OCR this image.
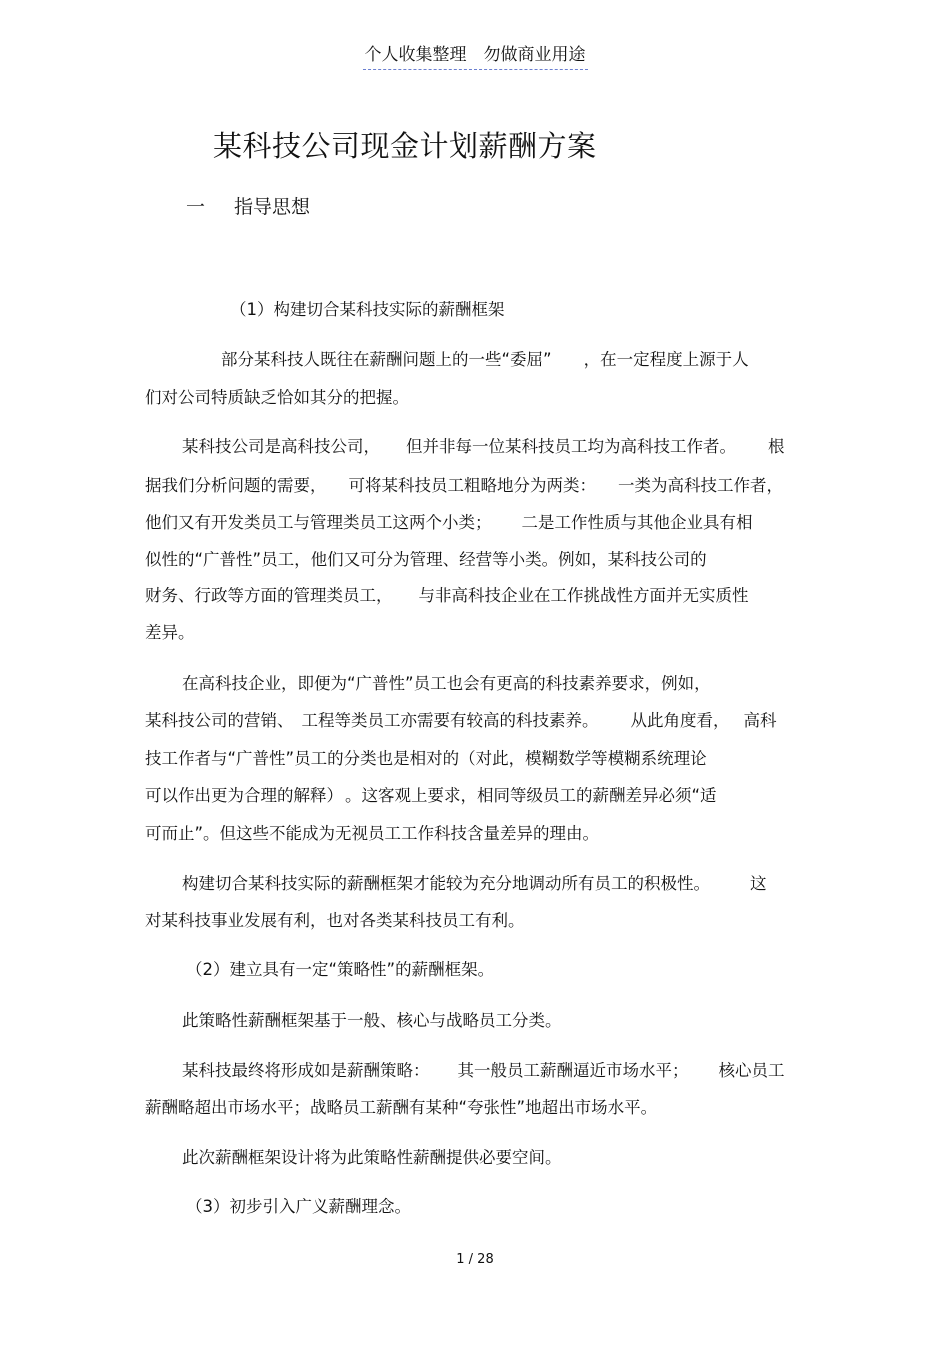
个人收集整理　勿做商业用途
某科技公司现金计划薪酬方案
一 指导思想
（1）构建切合某科技实际的薪酬框架
部分某科技人既往在薪酬问题上的一些“委屈” ，在一定程度上源于人
们对公司特质缺乏恰如其分的把握。
某科技公司是高科技公司， 但并非每一位某科技员工均为高科技工作者。 根
据我们分析问题的需要， 可将某科技员工粗略地分为两类： 一类为高科技工作者，
他们又有开发类员工与管理类员工这两个小类； 二是工作性质与其他企业具有相
似性的“广普性”员工，他们又可分为管理、经营等小类。例如，某科技公司的
财务、行政等方面的管理类员工， 与非高科技企业在工作挑战性方面并无实质性
差异。
在高科技企业，即便为“广普性”员工也会有更高的科技素养要求，例如，
某科技公司的营销、 工程等类员工亦需要有较高的科技素养。 从此角度看， 高科
技工作者与“广普性”员工的分类也是相对的（对此，模糊数学等模糊系统理论
可以作出更为合理的解释） 。这客观上要求，相同等级员工的薪酬差异必须“适
可而止”。但这些不能成为无视员工工作科技含量差异的理由。
构建切合某科技实际的薪酬框架才能较为充分地调动所有员工的积极性。 这
对某科技事业发展有利，也对各类某科技员工有利。
（2）建立具有一定“策略性”的薪酬框架。
此策略性薪酬框架基于一般、核心与战略员工分类。
某科技最终将形成如是薪酬策略： 其一般员工薪酬逼近市场水平； 核心员工
薪酬略超出市场水平；战略员工薪酬有某种“夸张性”地超出市场水平。
此次薪酬框架设计将为此策略性薪酬提供必要空间。
（3）初步引入广义薪酬理念。
1 / 28
